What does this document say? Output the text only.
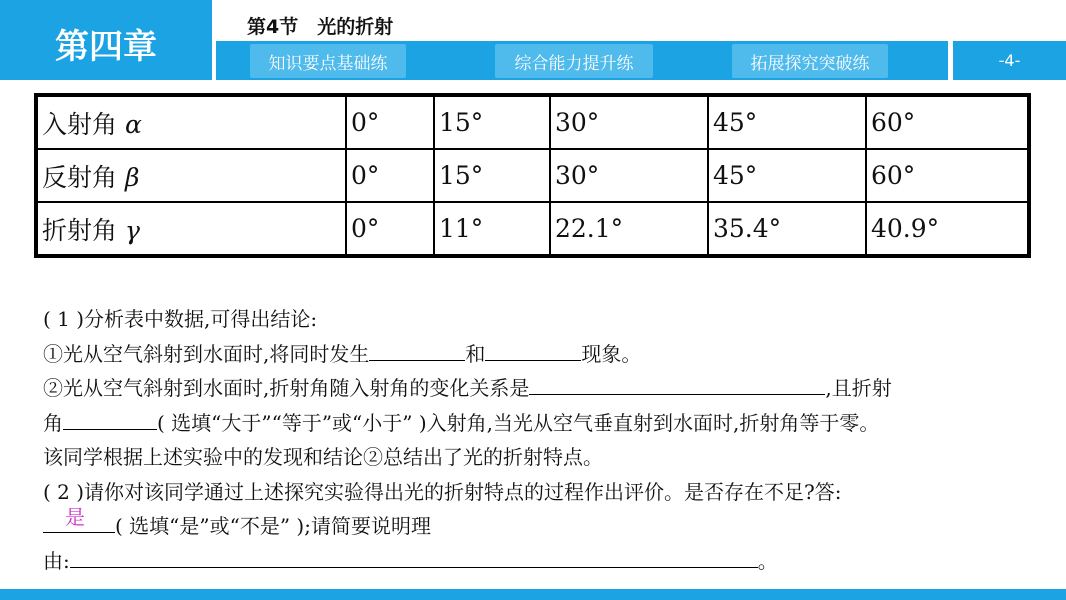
第四章	第4节　光的折射
知识要点基础练	综合能力提升练	拓展探究突破练	-4-
入射角 α	0°	15°	30°	45°	60°
反射角 β	0°	15°	30°	45°	60°
折射角 γ	0°	11°	22.1°	35.4°	40.9°
( 1 )分析表中数据,可得出结论:
①光从空气斜射到水面时,将同时发生	和	现象。
②光从空气斜射到水面时,折射角随入射角的变化关系是	,且折射
角	( 选填“大于”“等于”或“小于” )入射角,当光从空气垂直射到水面时,折射角等于零。
该同学根据上述实验中的发现和结论②总结出了光的折射特点。
( 2 )请你对该同学通过上述探究实验得出光的折射特点的过程作出评价。是否存在不足?答:
是 ( 选填“是”或“不是” );请简要说明理
由:	。
